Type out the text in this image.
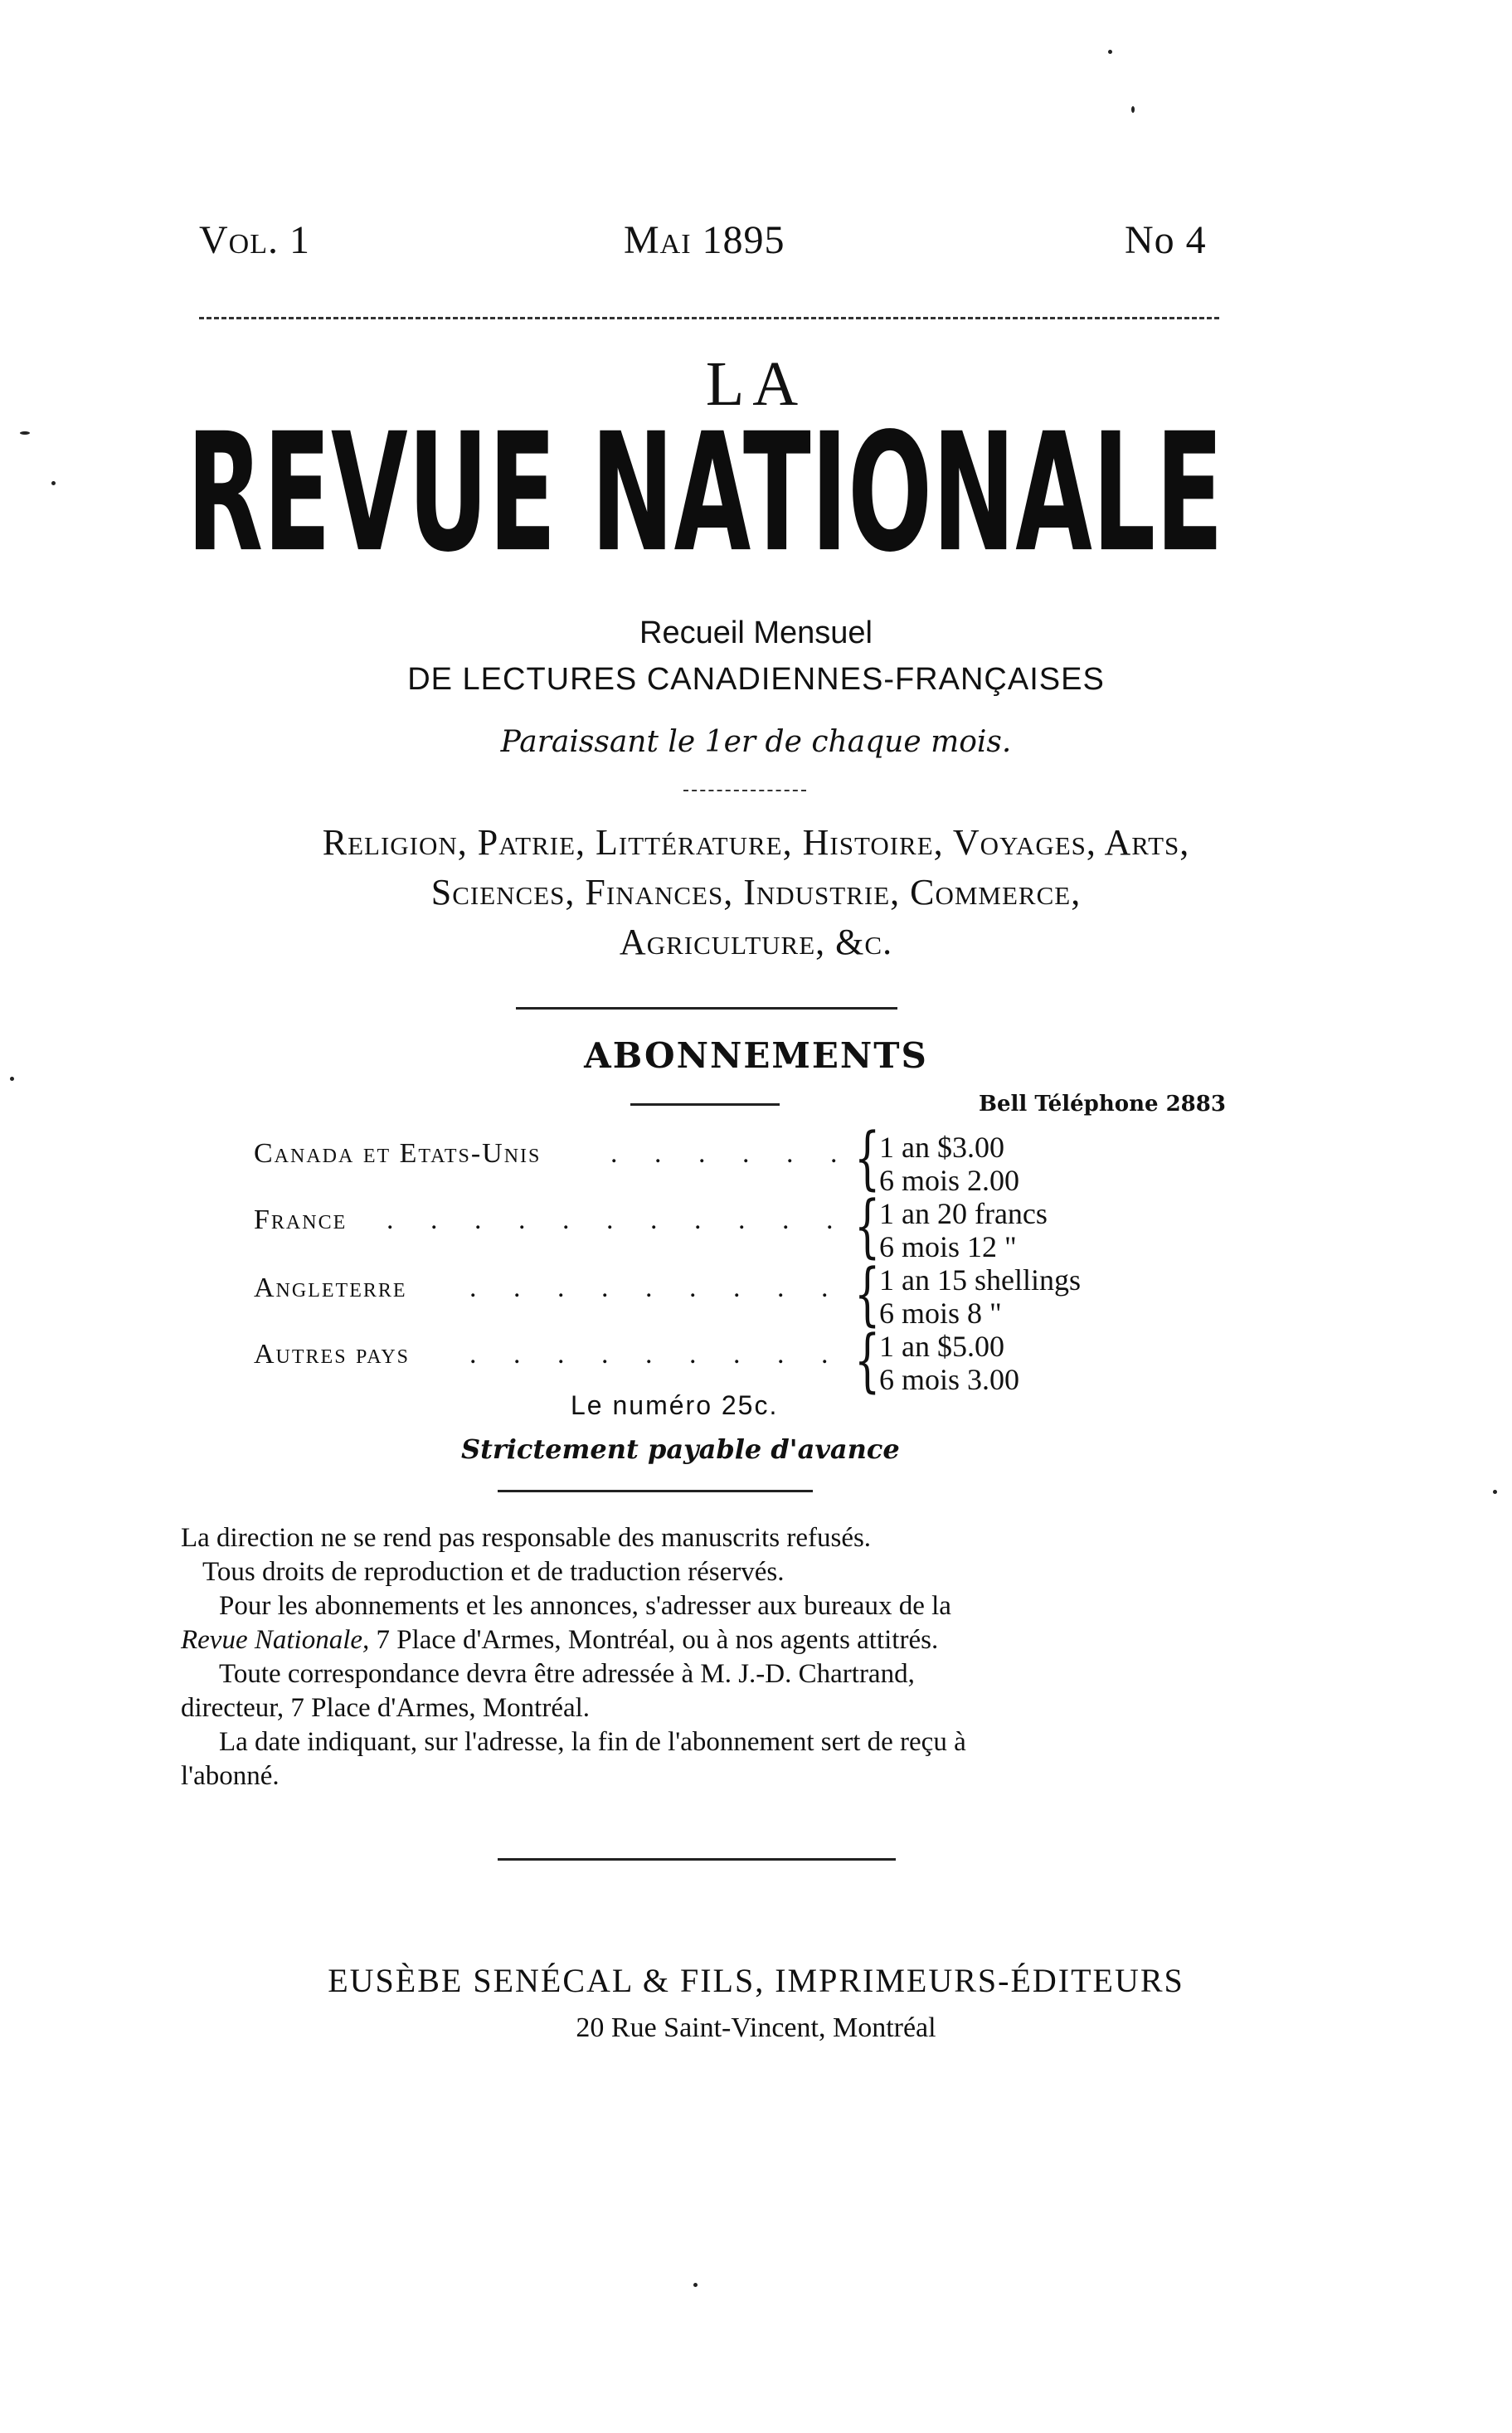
Vol. 1	Mai 1895	No 4
LA
REVUE NATIONALE
Recueil Mensuel
DE LECTURES CANADIENNES-FRANÇAISES
Paraissant le 1er de chaque mois.
Religion, Patrie, Littérature, Histoire, Voyages, Arts,
Sciences, Finances, Industrie, Commerce,
Agriculture, &c.
ABONNEMENTS
Bell Téléphone 2883
Canada et Etats-Unis . . . . . . {
1 an $3.00
6 mois 2.00
France . . . . . . . . . . . {
1 an 20 francs
6 mois 12 "
Angleterre . . . . . . . . . {
1 an 15 shellings
6 mois 8 "
Autres pays . . . . . . . . . {
1 an $5.00
6 mois 3.00
Le numéro 25c.
Strictement payable d'avance
La direction ne se rend pas responsable des manuscrits refusés.
Tous droits de reproduction et de traduction réservés.
Pour les abonnements et les annonces, s'adresser aux bureaux de la
Revue Nationale, 7 Place d'Armes, Montréal, ou à nos agents attitrés.
Toute correspondance devra être adressée à M. J.-D. Chartrand,
directeur, 7 Place d'Armes, Montréal.
La date indiquant, sur l'adresse, la fin de l'abonnement sert de reçu à
l'abonné.
EUSÈBE SENÉCAL & FILS, IMPRIMEURS-ÉDITEURS
20 Rue Saint-Vincent, Montréal
